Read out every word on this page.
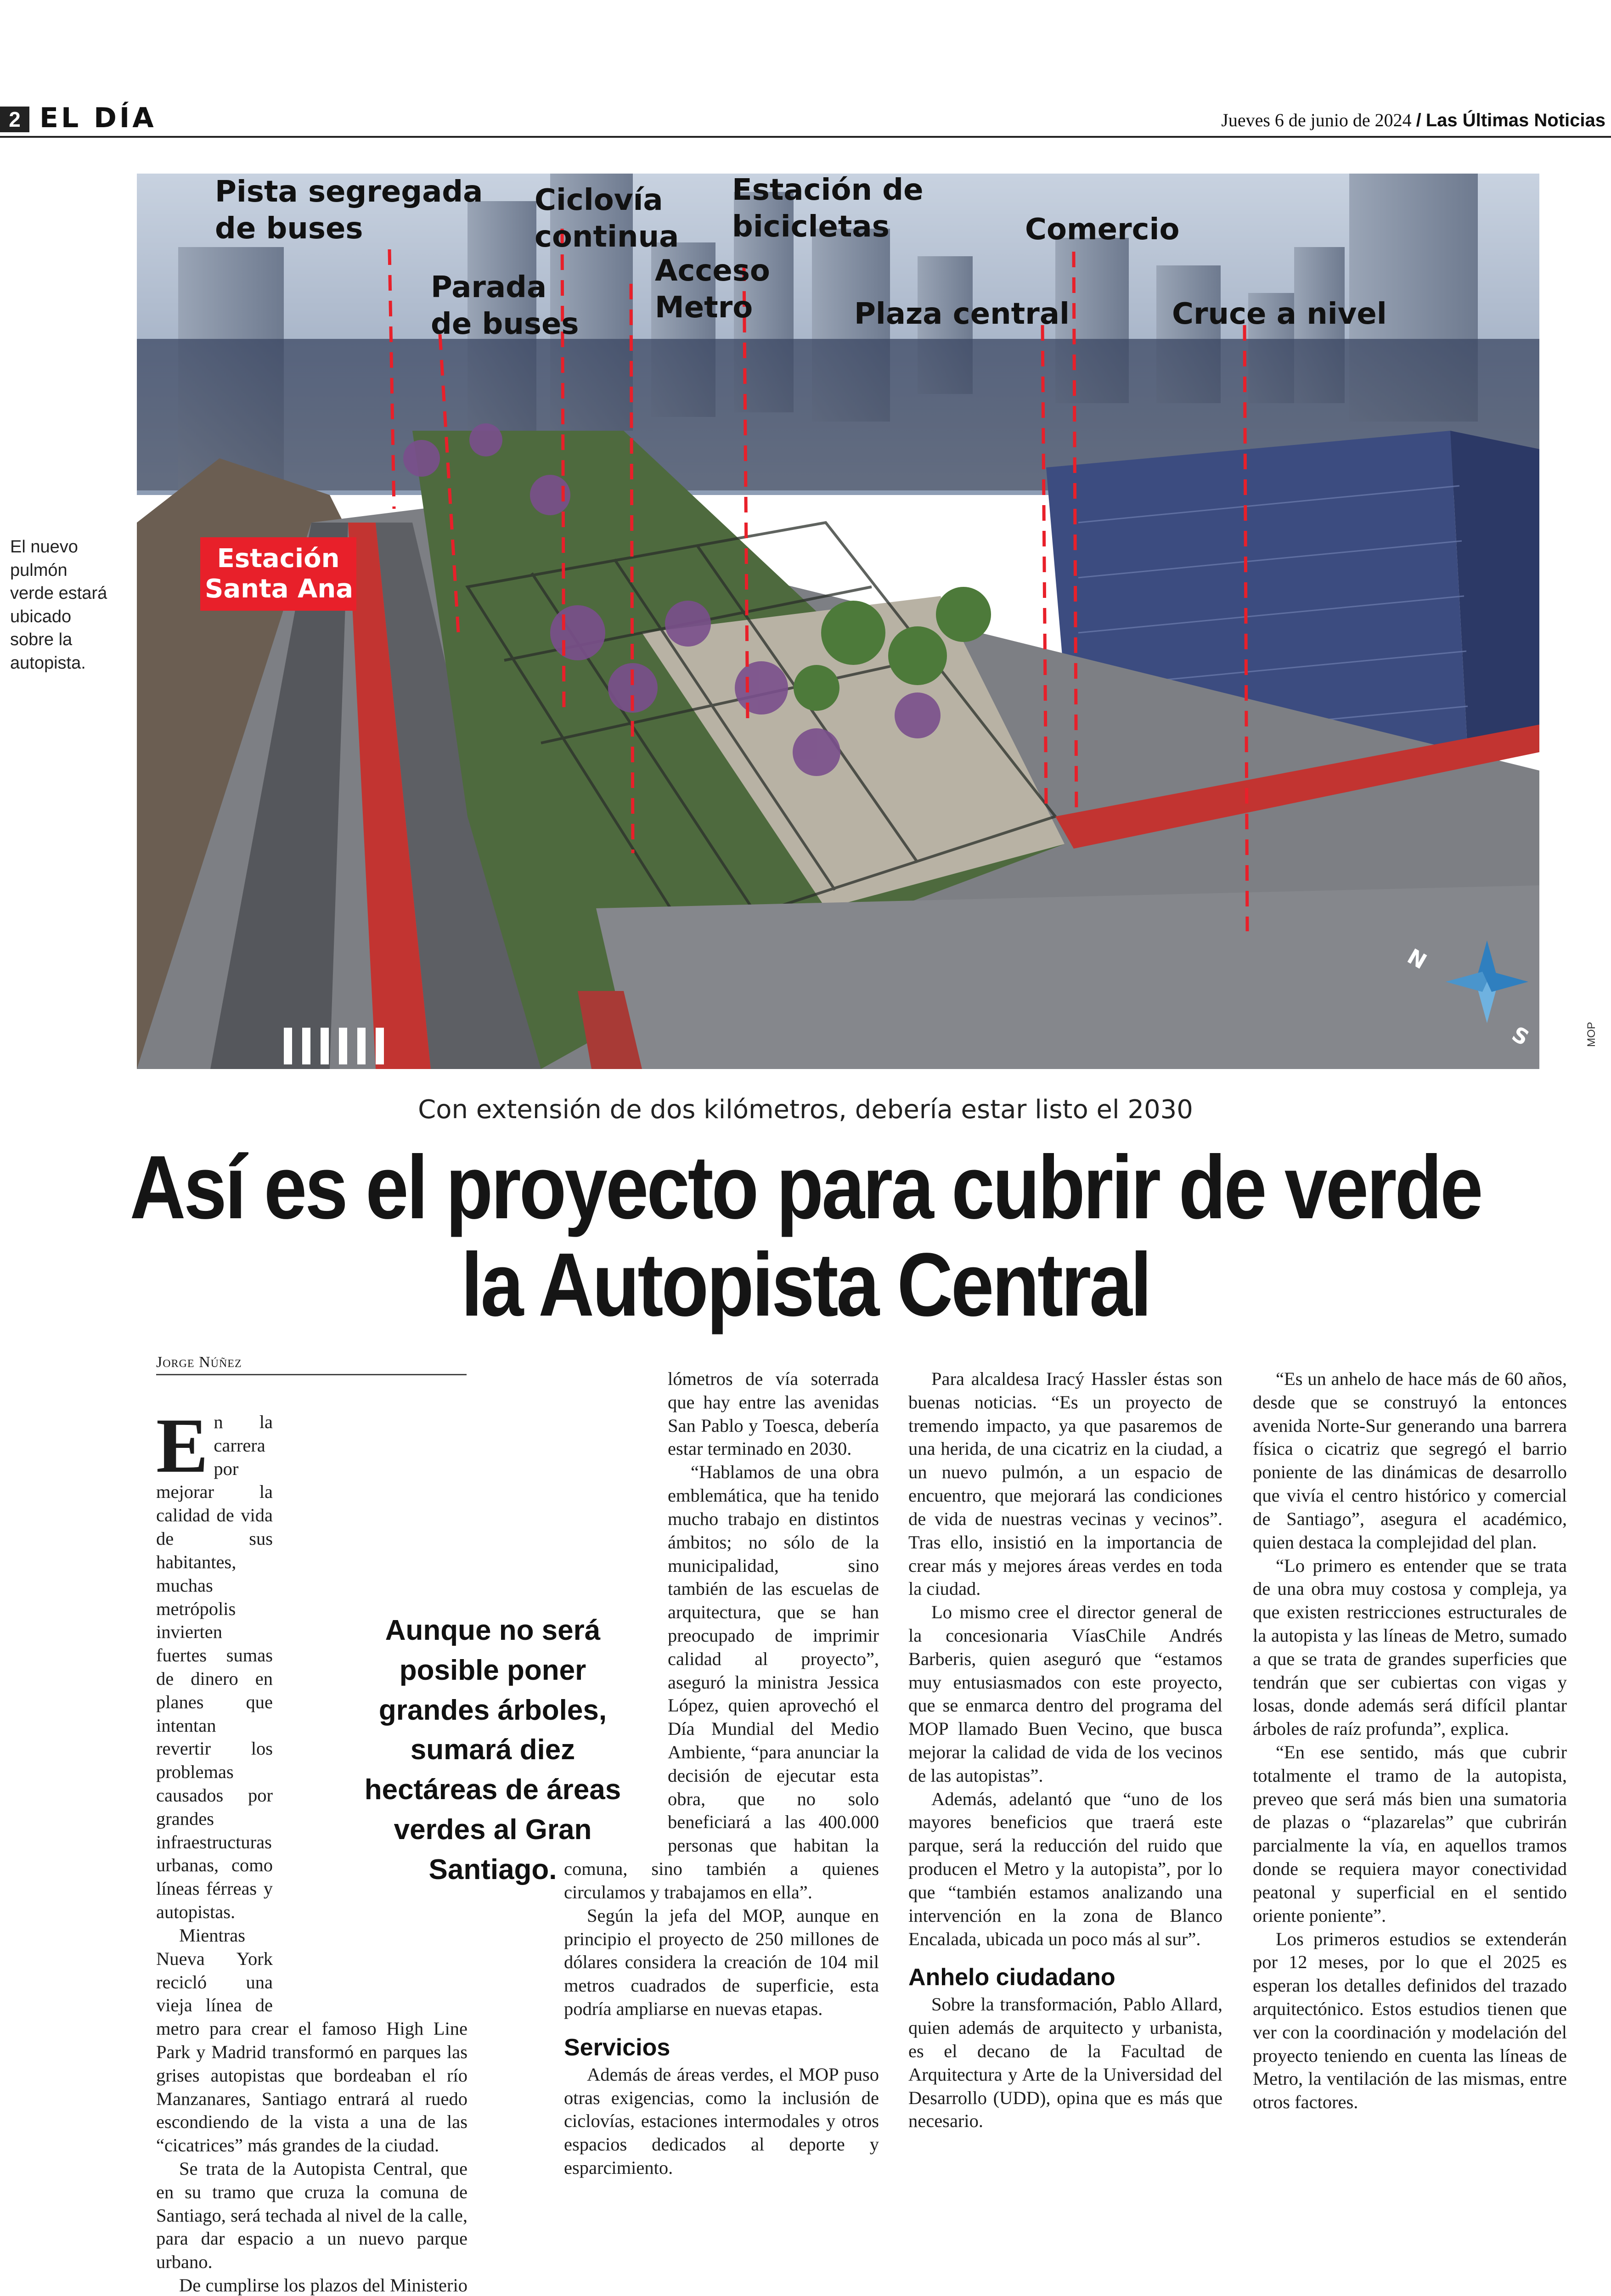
2 EL DÍA	Jueves 6 de junio de 2024 / Las Últimas Noticias
Pista segregada
de buses
Parada
de buses
Ciclovía
continua
Estación de
bicicletas
Acceso
Metro	Plaza central
Comercio
Cruce a nivel
Estación
Santa Ana
N
S	MOP
El nuevo pulmón verde estará ubicado sobre la autopista.
Con extensión de dos kilómetros, debería estar listo el 2030
Así es el proyecto para cubrir de verde la Autopista Central
Jorge Núñez

En la carrera por mejorar la calidad de vida de sus habitantes, muchas metrópolis invierten fuertes sumas de dinero en planes que intentan revertir los problemas causados por grandes infraestructuras urbanas, como líneas férreas y autopistas.

Mientras Nueva York recicló una vieja línea de metro para crear el famoso High Line Park y Madrid transformó en parques las grises autopistas que bordeaban el río Manzanares, Santiago entrará al ruedo escondiendo de la vista a una de las “cicatrices” más grandes de la ciudad.

Se trata de la Autopista Central, que en su tramo que cruza la comuna de Santiago, será techada al nivel de la calle, para dar espacio a un nuevo parque urbano.

De cumplirse los plazos del Ministerio

Aunque no será posible poner grandes árboles, sumará diez hectáreas de áreas verdes al Gran Santiago.

lómetros de vía soterrada que hay entre las avenidas San Pablo y Toesca, debería estar terminado en 2030.

“Hablamos de una obra emblemática, que ha tenido mucho trabajo en distintos ámbitos; no sólo de la municipalidad, sino también de las escuelas de arquitectura, que se han preocupado de imprimir calidad al proyecto”, aseguró la ministra Jessica López, quien aprovechó el Día Mundial del Medio Ambiente, “para anunciar la decisión de ejecutar esta obra, que no solo beneficiará a las 400.000 personas que habitan la comuna, sino también a quienes circulamos y trabajamos en ella”.

Según la jefa del MOP, aunque en principio el proyecto de 250 millones de dólares considera la creación de 104 mil metros cuadrados de superficie, esta podría ampliarse en nuevas etapas.

Servicios

Además de áreas verdes, el MOP puso otras exigencias, como la inclusión de ciclovías, estaciones intermodales y otros espacios dedicados al deporte y esparcimiento.

Para alcaldesa Iracý Hassler éstas son buenas noticias. “Es un proyecto de tremendo impacto, ya que pasaremos de una herida, de una cicatriz en la ciudad, a un nuevo pulmón, a un espacio de encuentro, que mejorará las condiciones de vida de nuestras vecinas y vecinos”. Tras ello, insistió en la importancia de crear más y mejores áreas verdes en toda la ciudad.

Lo mismo cree el director general de la concesionaria VíasChile Andrés Barberis, quien aseguró que “estamos muy entusiasmados con este proyecto, que se enmarca dentro del programa del MOP llamado Buen Vecino, que busca mejorar la calidad de vida de los vecinos de las autopistas”.

Además, adelantó que “uno de los mayores beneficios que traerá este parque, será la reducción del ruido que producen el Metro y la autopista”, por lo que “también estamos analizando una intervención en la zona de Blanco Encalada, ubicada un poco más al sur”.

Anhelo ciudadano

Sobre la transformación, Pablo Allard, quien además de arquitecto y urbanista, es el decano de la Facultad de Arquitectura y Arte de la Universidad del Desarrollo (UDD), opina que es más que necesario.

“Es un anhelo de hace más de 60 años, desde que se construyó la entonces avenida Norte-Sur generando una barrera física o cicatriz que segregó el barrio poniente de las dinámicas de desarrollo que vivía el centro histórico y comercial de Santiago”, asegura el académico, quien destaca la complejidad del plan.

“Lo primero es entender que se trata de una obra muy costosa y compleja, ya que existen restricciones estructurales de la autopista y las líneas de Metro, sumado a que se trata de grandes superficies que tendrán que ser cubiertas con vigas y losas, donde además será difícil plantar árboles de raíz profunda”, explica.

“En ese sentido, más que cubrir totalmente el tramo de la autopista, preveo que será más bien una sumatoria de plazas o “plazarelas” que cubrirán parcialmente la vía, en aquellos tramos donde se requiera mayor conectividad peatonal y superficial en el sentido oriente poniente”.

Los primeros estudios se extenderán por 12 meses, por lo que el 2025 es esperan los detalles definidos del trazado arquitectónico. Estos estudios tienen que ver con la coordinación y modelación del proyecto teniendo en cuenta las líneas de Metro, la ventilación de las mismas, entre otros factores.
